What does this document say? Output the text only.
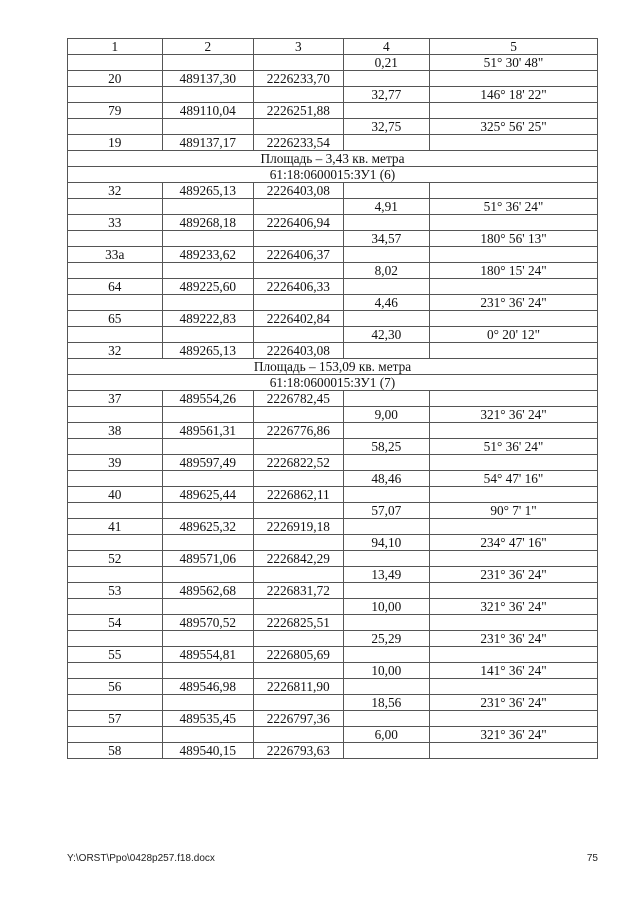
1	2	3	4	5
			0,21	51° 30' 48"
20	489137,30	2226233,70		
			32,77	146° 18' 22"
79	489110,04	2226251,88		
			32,75	325° 56' 25"
19	489137,17	2226233,54		
Площадь – 3,43 кв. метра				
61:18:0600015:ЗУ1 (6)				
32	489265,13	2226403,08		
			4,91	51° 36' 24"
33	489268,18	2226406,94		
			34,57	180° 56' 13"
33а	489233,62	2226406,37		
			8,02	180° 15' 24"
64	489225,60	2226406,33		
			4,46	231° 36' 24"
65	489222,83	2226402,84		
			42,30	0° 20' 12"
32	489265,13	2226403,08		
Площадь – 153,09 кв. метра				
61:18:0600015:ЗУ1 (7)				
37	489554,26	2226782,45		
			9,00	321° 36' 24"
38	489561,31	2226776,86		
			58,25	51° 36' 24"
39	489597,49	2226822,52		
			48,46	54° 47' 16"
40	489625,44	2226862,11		
			57,07	90° 7' 1"
41	489625,32	2226919,18		
			94,10	234° 47' 16"
52	489571,06	2226842,29		
			13,49	231° 36' 24"
53	489562,68	2226831,72		
			10,00	321° 36' 24"
54	489570,52	2226825,51		
			25,29	231° 36' 24"
55	489554,81	2226805,69		
			10,00	141° 36' 24"
56	489546,98	2226811,90		
			18,56	231° 36' 24"
57	489535,45	2226797,36		
			6,00	321° 36' 24"
58	489540,15	2226793,63		
Y:\ORST\Ppo\0428p257.f18.docx	75
